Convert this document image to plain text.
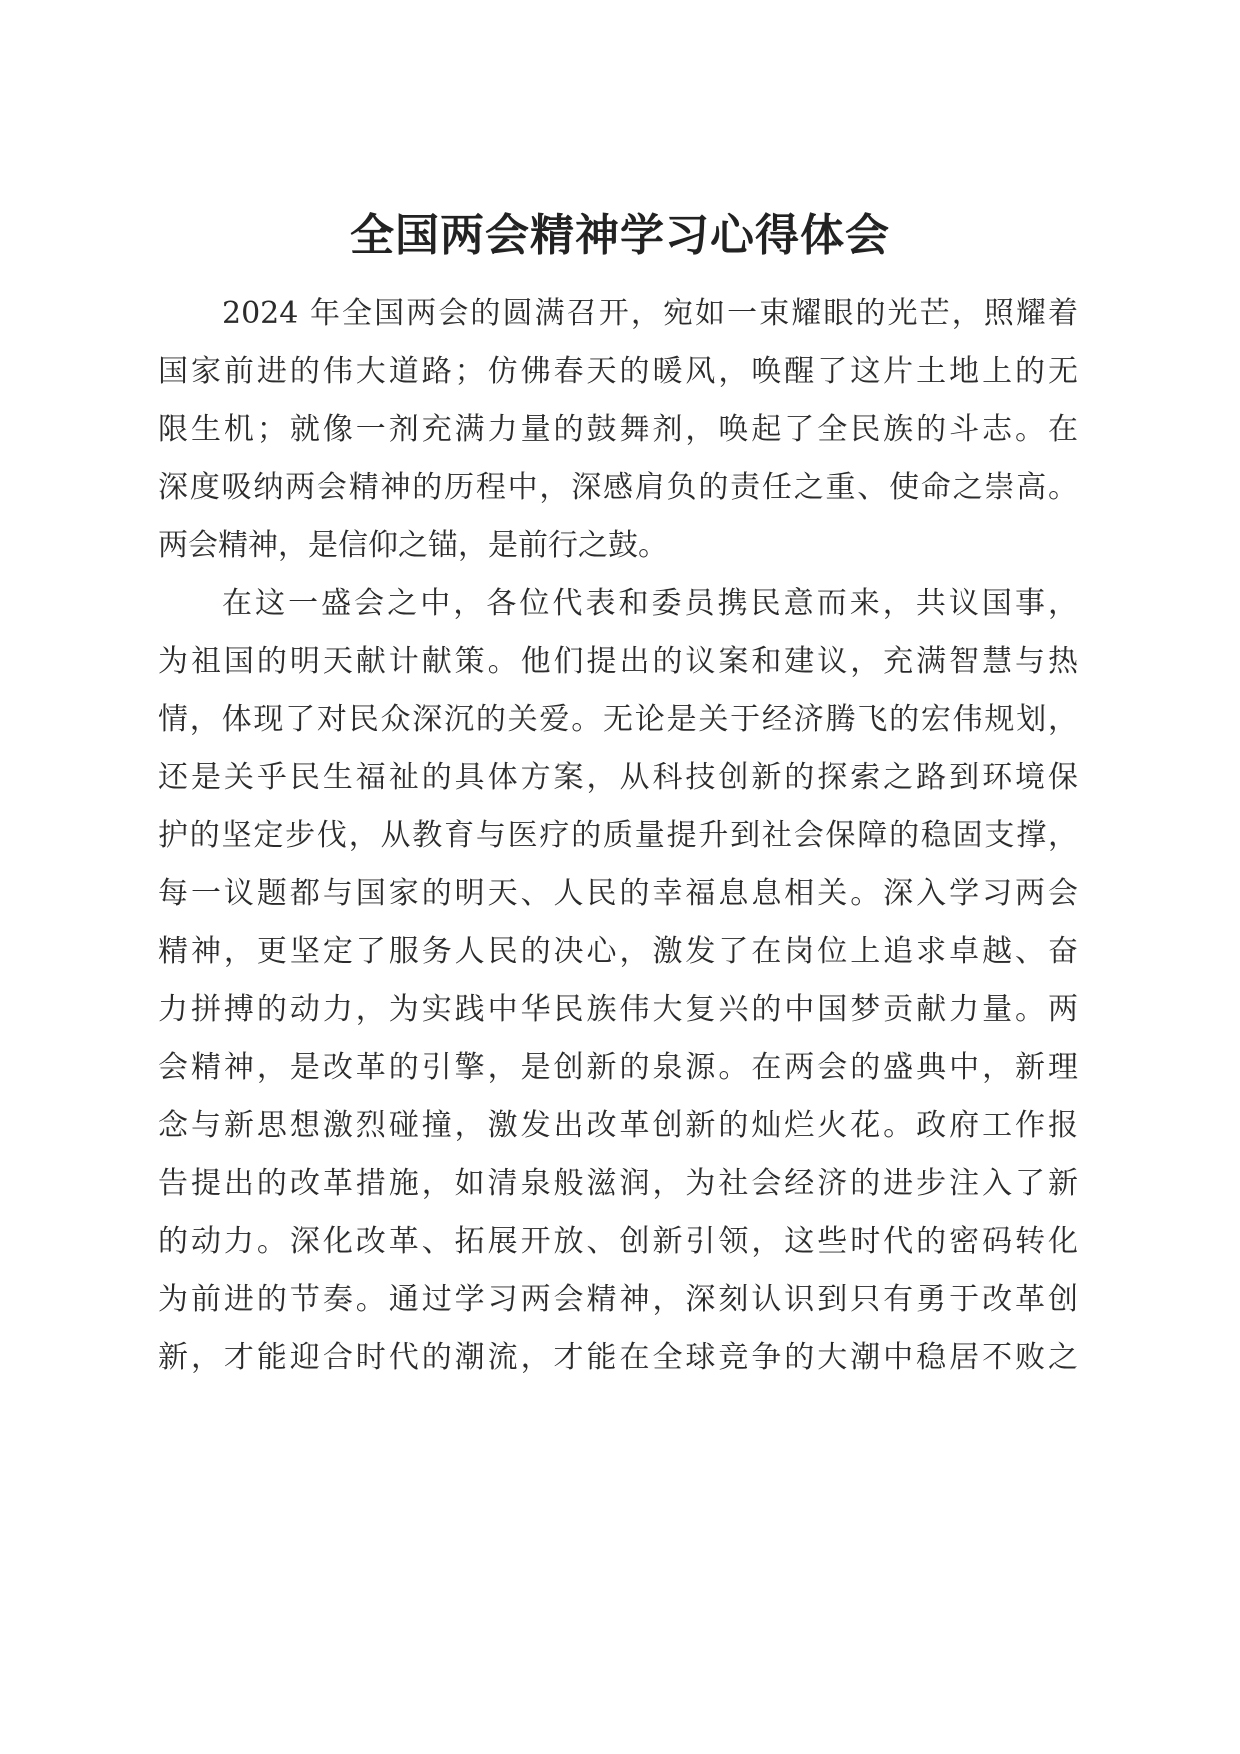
全国两会精神学习心得体会
2024 年全国两会的圆满召开，宛如一束耀眼的光芒，照耀着
国家前进的伟大道路；仿佛春天的暖风，唤醒了这片土地上的无
限生机；就像一剂充满力量的鼓舞剂，唤起了全民族的斗志。在
深度吸纳两会精神的历程中，深感肩负的责任之重、使命之崇高。
两会精神，是信仰之锚，是前行之鼓。
在这一盛会之中，各位代表和委员携民意而来，共议国事，
为祖国的明天献计献策。他们提出的议案和建议，充满智慧与热
情，体现了对民众深沉的关爱。无论是关于经济腾飞的宏伟规划，
还是关乎民生福祉的具体方案，从科技创新的探索之路到环境保
护的坚定步伐，从教育与医疗的质量提升到社会保障的稳固支撑，
每一议题都与国家的明天、人民的幸福息息相关。深入学习两会
精神，更坚定了服务人民的决心，激发了在岗位上追求卓越、奋
力拼搏的动力，为实践中华民族伟大复兴的中国梦贡献力量。两
会精神，是改革的引擎，是创新的泉源。在两会的盛典中，新理
念与新思想激烈碰撞，激发出改革创新的灿烂火花。政府工作报
告提出的改革措施，如清泉般滋润，为社会经济的进步注入了新
的动力。深化改革、拓展开放、创新引领，这些时代的密码转化
为前进的节奏。通过学习两会精神，深刻认识到只有勇于改革创
新，才能迎合时代的潮流，才能在全球竞争的大潮中稳居不败之
